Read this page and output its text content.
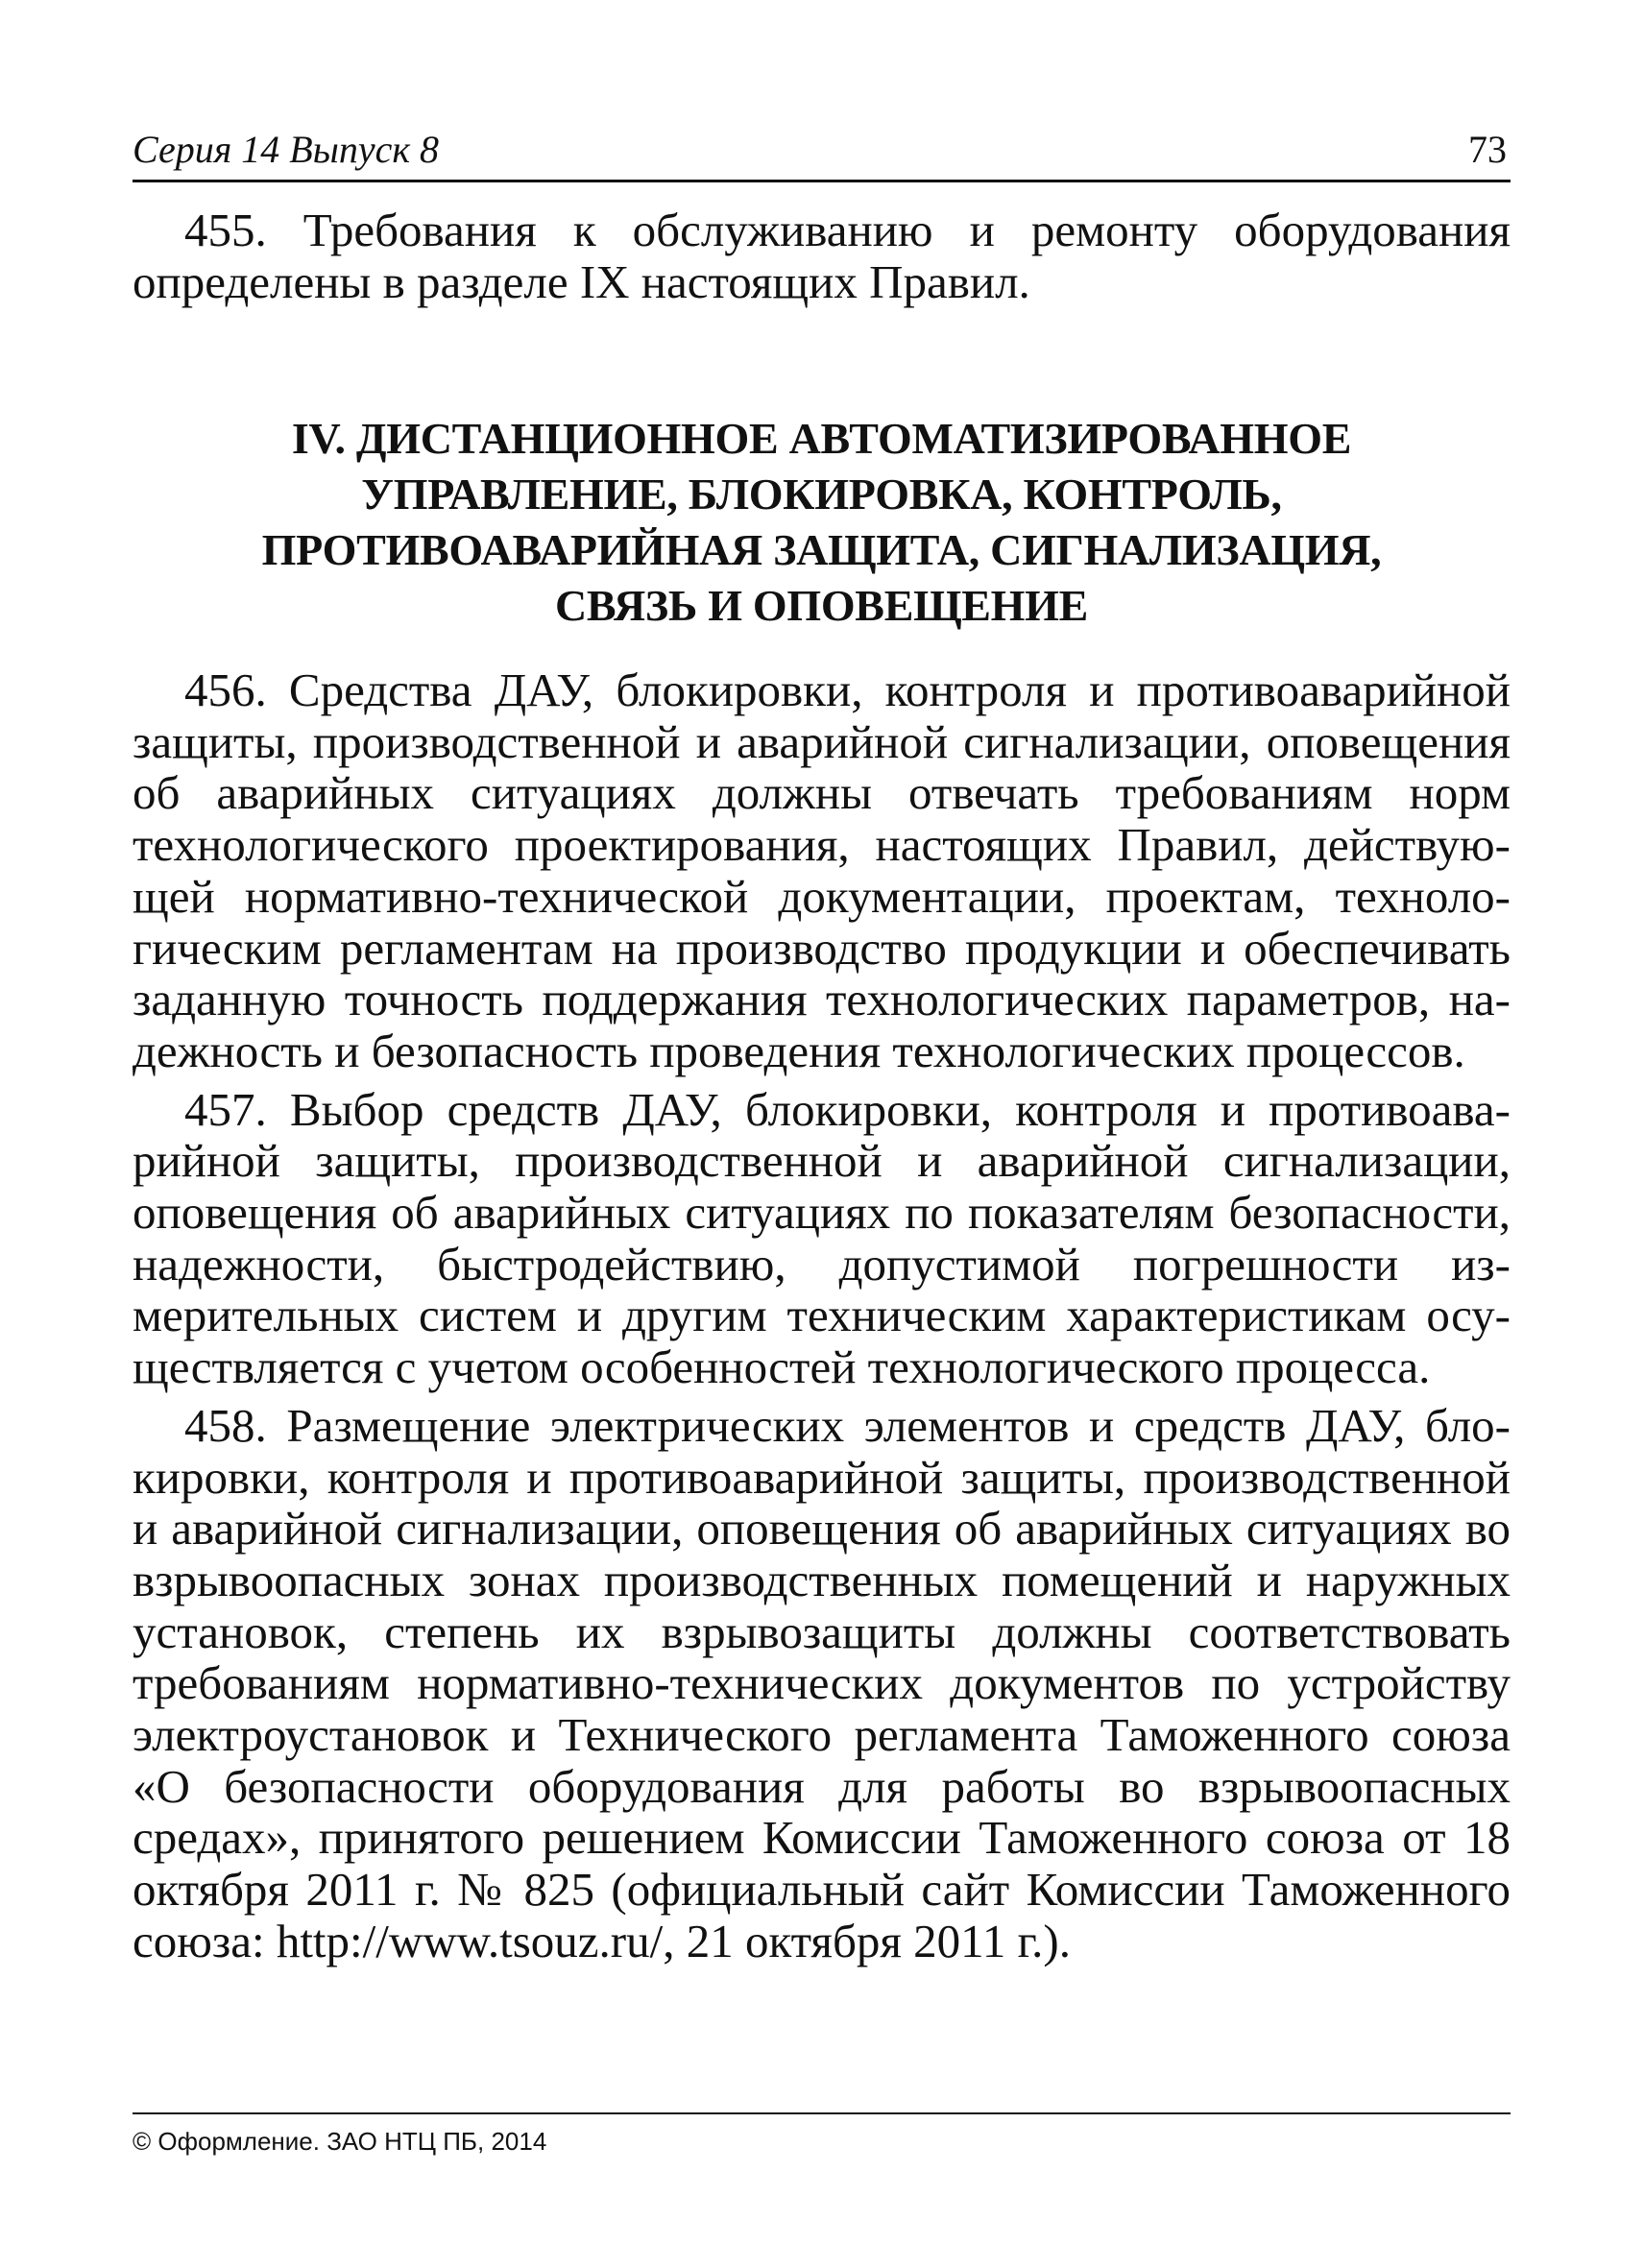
Серия 14 Выпуск 8	73

455. Требования к обслуживанию и ремонту оборудования определены в разделе IX настоящих Правил.

IV. ДИСТАНЦИОННОЕ АВТОМАТИЗИРОВАННОЕ
УПРАВЛЕНИЕ, БЛОКИРОВКА, КОНТРОЛЬ,
ПРОТИВОАВАРИЙНАЯ ЗАЩИТА, СИГНАЛИЗАЦИЯ,
СВЯЗЬ И ОПОВЕЩЕНИЕ

456. Средства ДАУ, блокировки, контроля и противоаварийной защиты, производственной и аварийной сигнализации, оповещения об аварийных ситуациях должны отвечать требованиям норм технологического проектирования, настоящих Правил, действующей нормативно-технической документации, проектам, технологическим регламентам на производство продукции и обеспечивать заданную точность поддержания технологических параметров, надежность и безопасность проведения технологических процессов.

457. Выбор средств ДАУ, блокировки, контроля и противоаварийной защиты, производственной и аварийной сигнализации, оповещения об аварийных ситуациях по показателям безопасности, надежности, быстродействию, допустимой погрешности измерительных систем и другим техническим характеристикам осуществляется с учетом особенностей технологического процесса.

458. Размещение электрических элементов и средств ДАУ, блокировки, контроля и противоаварийной защиты, производственной и аварийной сигнализации, оповещения об аварийных ситуациях во взрывоопасных зонах производственных помещений и наружных установок, степень их взрывозащиты должны соответствовать требованиям нормативно-технических документов по устройству электроустановок и Технического регламента Таможенного союза «О безопасности оборудования для работы во взрывоопасных средах», принятого решением Комиссии Таможенного союза от 18 октября 2011 г. № 825 (официальный сайт Комиссии Таможенного союза: http://www.tsouz.ru/, 21 октября 2011 г.).

© Оформление. ЗАО НТЦ ПБ, 2014
